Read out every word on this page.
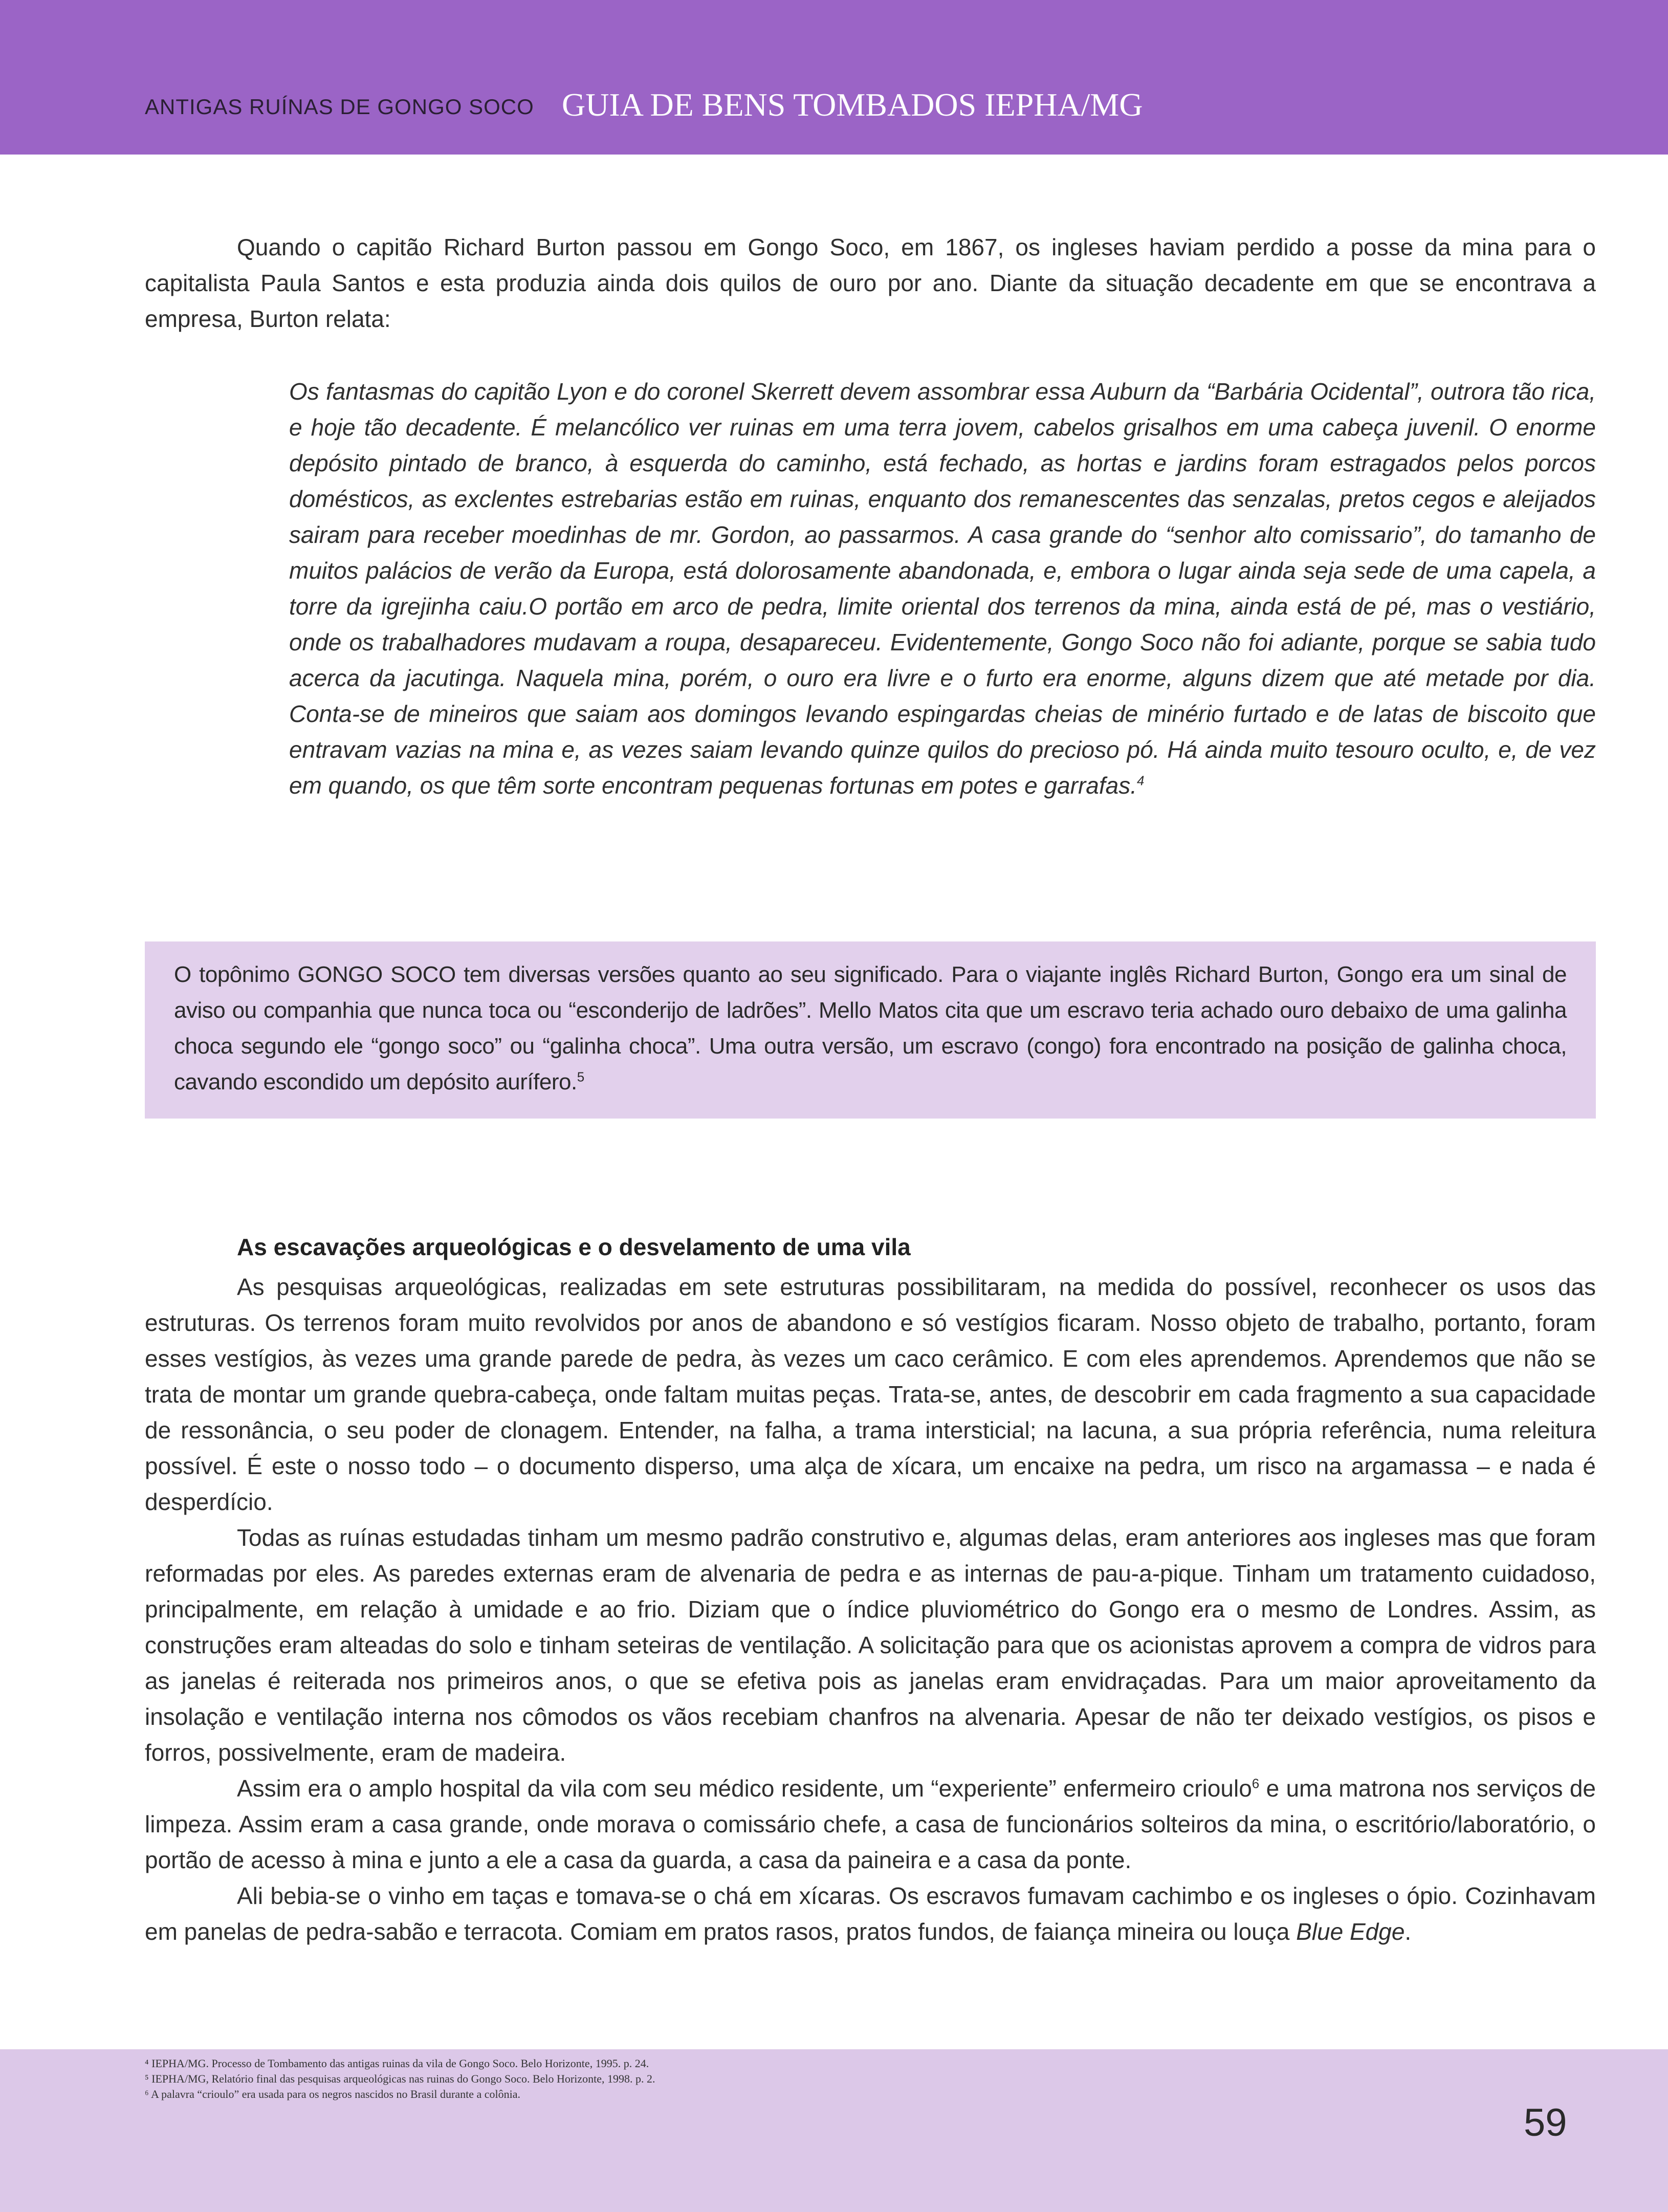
ANTIGAS RUÍNAS DE GONGO SOCO GUIA DE BENS TOMBADOS IEPHA/MG

Quando o capitão Richard Burton passou em Gongo Soco, em 1867, os ingleses haviam perdido a posse da mina para o capitalista Paula Santos e esta produzia ainda dois quilos de ouro por ano. Diante da situação decadente em que se encontrava a empresa, Burton relata:

Os fantasmas do capitão Lyon e do coronel Skerrett devem assombrar essa Auburn da “Barbária Ocidental”, outrora tão rica, e hoje tão decadente. É melancólico ver ruinas em uma terra jovem, cabelos grisalhos em uma cabeça juvenil. O enorme depósito pintado de branco, à esquerda do caminho, está fechado, as hortas e jardins foram estragados pelos porcos domésticos, as exclentes estrebarias estão em ruinas, enquanto dos remanescentes das senzalas, pretos cegos e aleijados sairam para receber moedinhas de mr. Gordon, ao passarmos. A casa grande do “senhor alto comissario”, do tamanho de muitos palácios de verão da Europa, está dolorosamente abandonada, e, embora o lugar ainda seja sede de uma capela, a torre da igrejinha caiu.O portão em arco de pedra, limite oriental dos terrenos da mina, ainda está de pé, mas o vestiário, onde os trabalhadores mudavam a roupa, desapareceu. Evidentemente, Gongo Soco não foi adiante, porque se sabia tudo acerca da jacutinga. Naquela mina, porém, o ouro era livre e o furto era enorme, alguns dizem que até metade por dia. Conta-se de mineiros que saiam aos domingos levando espingardas cheias de minério furtado e de latas de biscoito que entravam vazias na mina e, as vezes saiam levando quinze quilos do precioso pó. Há ainda muito tesouro oculto, e, de vez em quando, os que têm sorte encontram pequenas fortunas em potes e garrafas.$^4$

O topônimo GONGO SOCO tem diversas versões quanto ao seu significado. Para o viajante inglês Richard Burton, Gongo era um sinal de aviso ou companhia que nunca toca ou “esconderijo de ladrões”. Mello Matos cita que um escravo teria achado ouro debaixo de uma galinha choca segundo ele “gongo soco” ou “galinha choca”. Uma outra versão, um escravo (congo) fora encontrado na posição de galinha choca, cavando escondido um depósito aurífero.$^5$
As escavações arqueológicas e o desvelamento de uma vila

As pesquisas arqueológicas, realizadas em sete estruturas possibilitaram, na medida do possível, reconhecer os usos das estruturas. Os terrenos foram muito revolvidos por anos de abandono e só vestígios ficaram. Nosso objeto de trabalho, portanto, foram esses vestígios, às vezes uma grande parede de pedra, às vezes um caco cerâmico. E com eles aprendemos. Aprendemos que não se trata de montar um grande quebra-cabeça, onde faltam muitas peças. Trata-se, antes, de descobrir em cada fragmento a sua capacidade de ressonância, o seu poder de clonagem. Entender, na falha, a trama intersticial; na lacuna, a sua própria referência, numa releitura possível. É este o nosso todo – o documento disperso, uma alça de xícara, um encaixe na pedra, um risco na argamassa – e nada é desperdício.

Todas as ruínas estudadas tinham um mesmo padrão construtivo e, algumas delas, eram anteriores aos ingleses mas que foram reformadas por eles. As paredes externas eram de alvenaria de pedra e as internas de pau-a-pique. Tinham um tratamento cuidadoso, principalmente, em relação à umidade e ao frio. Diziam que o índice pluviométrico do Gongo era o mesmo de Londres. Assim, as construções eram alteadas do solo e tinham seteiras de ventilação. A solicitação para que os acionistas aprovem a compra de vidros para as janelas é reiterada nos primeiros anos, o que se efetiva pois as janelas eram envidraçadas. Para um maior aproveitamento da insolação e ventilação interna nos cômodos os vãos recebiam chanfros na alvenaria. Apesar de não ter deixado vestígios, os pisos e forros, possivelmente, eram de madeira.

Assim era o amplo hospital da vila com seu médico residente, um “experiente” enfermeiro crioulo$^6$ e uma matrona nos serviços de limpeza. Assim eram a casa grande, onde morava o comissário chefe, a casa de funcionários solteiros da mina, o escritório/laboratório, o portão de acesso à mina e junto a ele a casa da guarda, a casa da paineira e a casa da ponte.

Ali bebia-se o vinho em taças e tomava-se o chá em xícaras. Os escravos fumavam cachimbo e os ingleses o ópio. Cozinhavam em panelas de pedra-sabão e terracota. Comiam em pratos rasos, pratos fundos, de faiança mineira ou louça Blue Edge.

⁴ IEPHA/MG. Processo de Tombamento das antigas ruinas da vila de Gongo Soco. Belo Horizonte, 1995. p. 24.
⁵ IEPHA/MG, Relatório final das pesquisas arqueológicas nas ruinas do Gongo Soco. Belo Horizonte, 1998. p. 2.
⁶ A palavra “crioulo” era usada para os negros nascidos no Brasil durante a colônia.
59
